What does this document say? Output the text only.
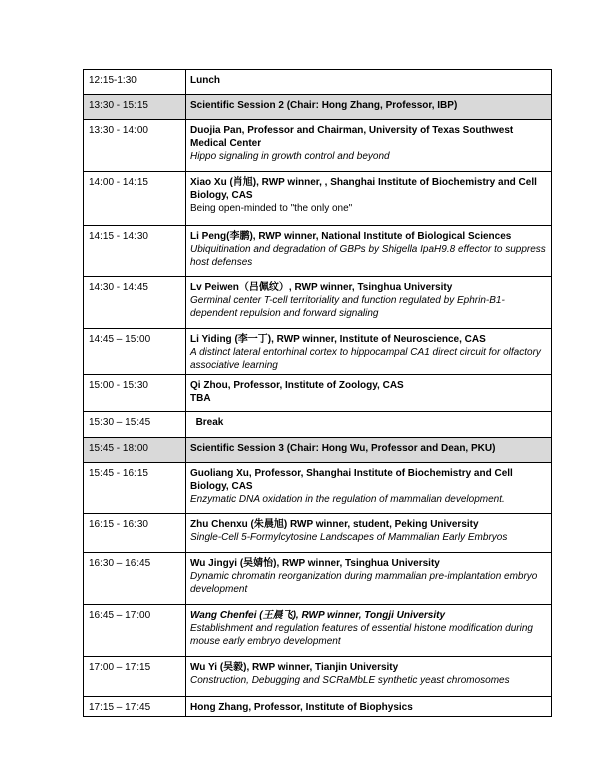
12:15-1:30	Lunch

13:30 - 15:15	Scientific Session 2 (Chair: Hong Zhang, Professor, IBP)

13:30 - 14:00	Duojia Pan, Professor and Chairman, University of Texas Southwest Medical Center
Hippo signaling in growth control and beyond

14:00 - 14:15	Xiao Xu (肖旭), RWP winner, , Shanghai Institute of Biochemistry and Cell Biology, CAS
Being open-minded to "the only one"

14:15 - 14:30	Li Peng(李鹏), RWP winner, National Institute of Biological Sciences
Ubiquitination and degradation of GBPs by Shigella IpaH9.8 effector to suppress host defenses

14:30 - 14:45	Lv Peiwen（吕佩纹）, RWP winner, Tsinghua University
Germinal center T-cell territoriality and function regulated by Ephrin-B1-dependent repulsion and forward signaling

14:45 – 15:00	Li Yiding (李一丁), RWP winner, Institute of Neuroscience, CAS
A distinct lateral entorhinal cortex to hippocampal CA1 direct circuit for olfactory associative learning

15:00 - 15:30	Qi Zhou, Professor, Institute of Zoology, CAS
TBA

15:30 – 15:45	Break

15:45 - 18:00	Scientific Session 3 (Chair: Hong Wu, Professor and Dean, PKU)

15:45 - 16:15	Guoliang Xu, Professor, Shanghai Institute of Biochemistry and Cell Biology, CAS
Enzymatic DNA oxidation in the regulation of mammalian development.

16:15 - 16:30	Zhu Chenxu (朱晨旭) RWP winner, student, Peking University
Single-Cell 5-Formylcytosine Landscapes of Mammalian Early Embryos

16:30 – 16:45	Wu Jingyi (吴婧怡), RWP winner, Tsinghua University
Dynamic chromatin reorganization during mammalian pre-implantation embryo development

16:45 – 17:00	Wang Chenfei (王晨飞), RWP winner, Tongji University
Establishment and regulation features of essential histone modification during mouse early embryo development

17:00 – 17:15	Wu Yi (吴毅), RWP winner, Tianjin University
Construction, Debugging and SCRaMbLE synthetic yeast chromosomes

17:15 – 17:45	Hong Zhang, Professor, Institute of Biophysics
